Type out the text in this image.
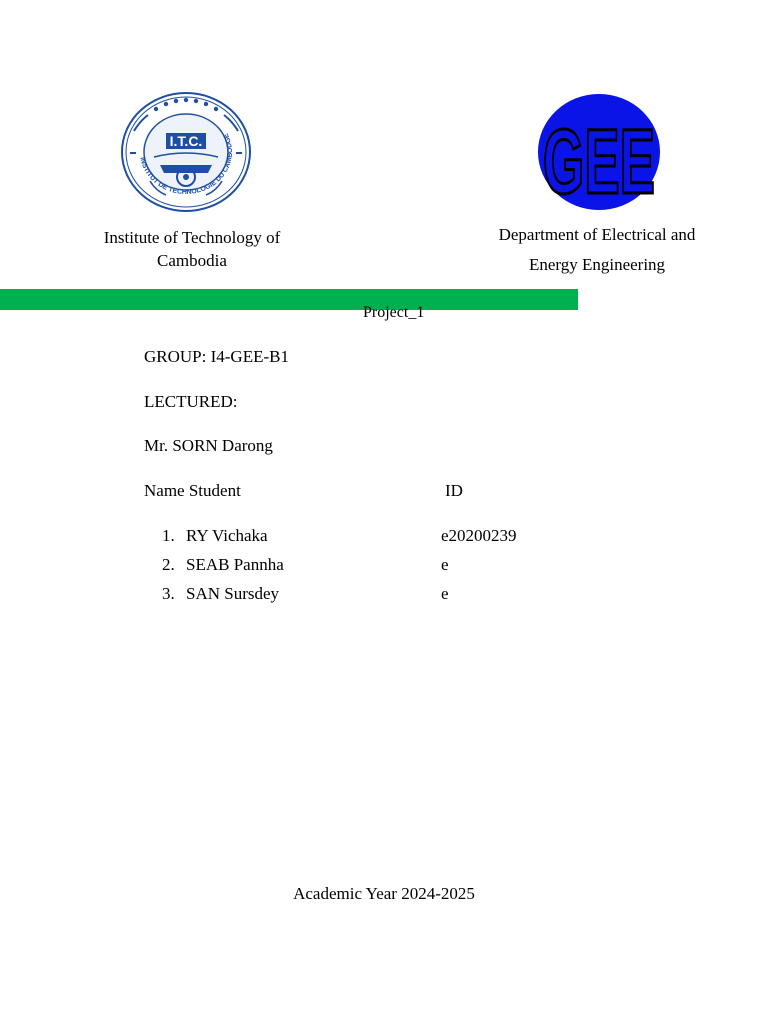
I.T.C.
INSTITUT DE TECHNOLOGIE DU CAMBODGE	GEE
Institute of Technology of Cambodia
Department of Electrical and Energy Engineering
Project_1
GROUP: I4-GEE-B1
LECTURED:
Mr. SORN Darong
Name Student	ID
1. RY Vichaka	e20200239
2. SEAB Pannha	e
3. SAN Sursdey	e
Academic Year 2024-2025
